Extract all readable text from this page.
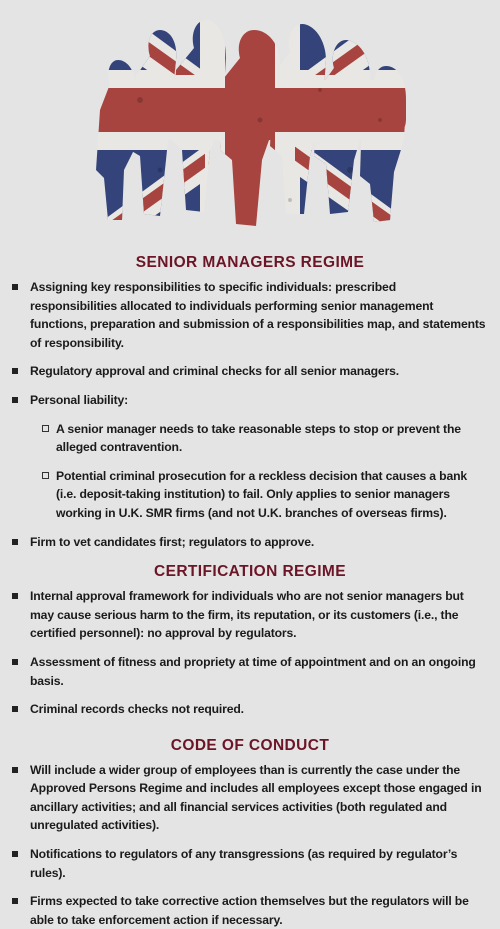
SENIOR MANAGERS REGIME
Assigning key responsibilities to specific individuals: prescribed responsibilities allocated to individuals performing senior management functions, preparation and submission of a responsibilities map, and statements of responsibility.
Regulatory approval and criminal checks for all senior managers.
Personal liability:
A senior manager needs to take reasonable steps to stop or prevent the alleged contravention.
Potential criminal prosecution for a reckless decision that causes a bank (i.e. deposit-taking institution) to fail. Only applies to senior managers working in U.K. SMR firms (and not U.K. branches of overseas firms).
Firm to vet candidates first; regulators to approve.
CERTIFICATION REGIME
Internal approval framework for individuals who are not senior managers but may cause serious harm to the firm, its reputation, or its customers (i.e., the certified personnel): no approval by regulators.
Assessment of fitness and propriety at time of appointment and on an ongoing basis.
Criminal records checks not required.
CODE OF CONDUCT
Will include a wider group of employees than is currently the case under the Approved Persons Regime and includes all employees except those engaged in ancillary activities; and all financial services activities (both regulated and unregulated activities).
Notifications to regulators of any transgressions (as required by regulator’s rules).
Firms expected to take corrective action themselves but the regulators will be able to take enforcement action if necessary.
